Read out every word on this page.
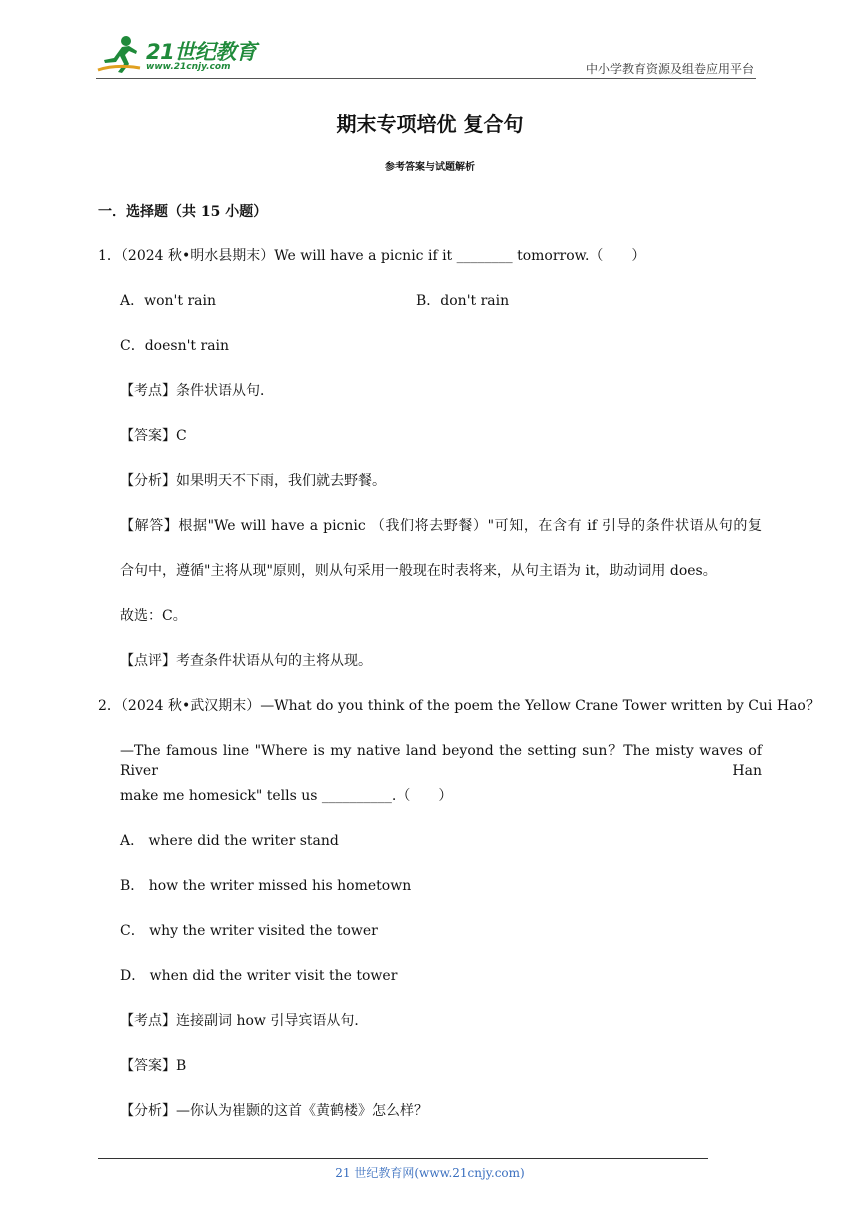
21世纪教育
www.21cnjy.com	中小学教育资源及组卷应用平台
期末专项培优 复合句
参考答案与试题解析
一．选择题（共 15 小题）
1．（2024 秋•明水县期末）We will have a picnic if it ________ tomorrow.（　　）
A．won't rain	B．don't rain
C．doesn't rain
【考点】条件状语从句．
【答案】C
【分析】如果明天不下雨，我们就去野餐。
【解答】根据"We will have a picnic （我们将去野餐）"可知，在含有 if 引导的条件状语从句的复
合句中，遵循"主将从现"原则，则从句采用一般现在时表将来，从句主语为 it，助动词用 does。
故选：C。
【点评】考查条件状语从句的主将从现。
2．（2024 秋•武汉期末）—What do you think of the poem the Yellow Crane Tower written by Cui Hao？
—The famous line "Where is my native land beyond the setting sun？The misty waves of River Han
make me homesick" tells us __________.（　　）
A． where did the writer stand
B． how the writer missed his hometown
C． why the writer visited the tower
D． when did the writer visit the tower
【考点】连接副词 how 引导宾语从句．
【答案】B
【分析】—你认为崔颢的这首《黄鹤楼》怎么样？
21 世纪教育网(www.21cnjy.com)
